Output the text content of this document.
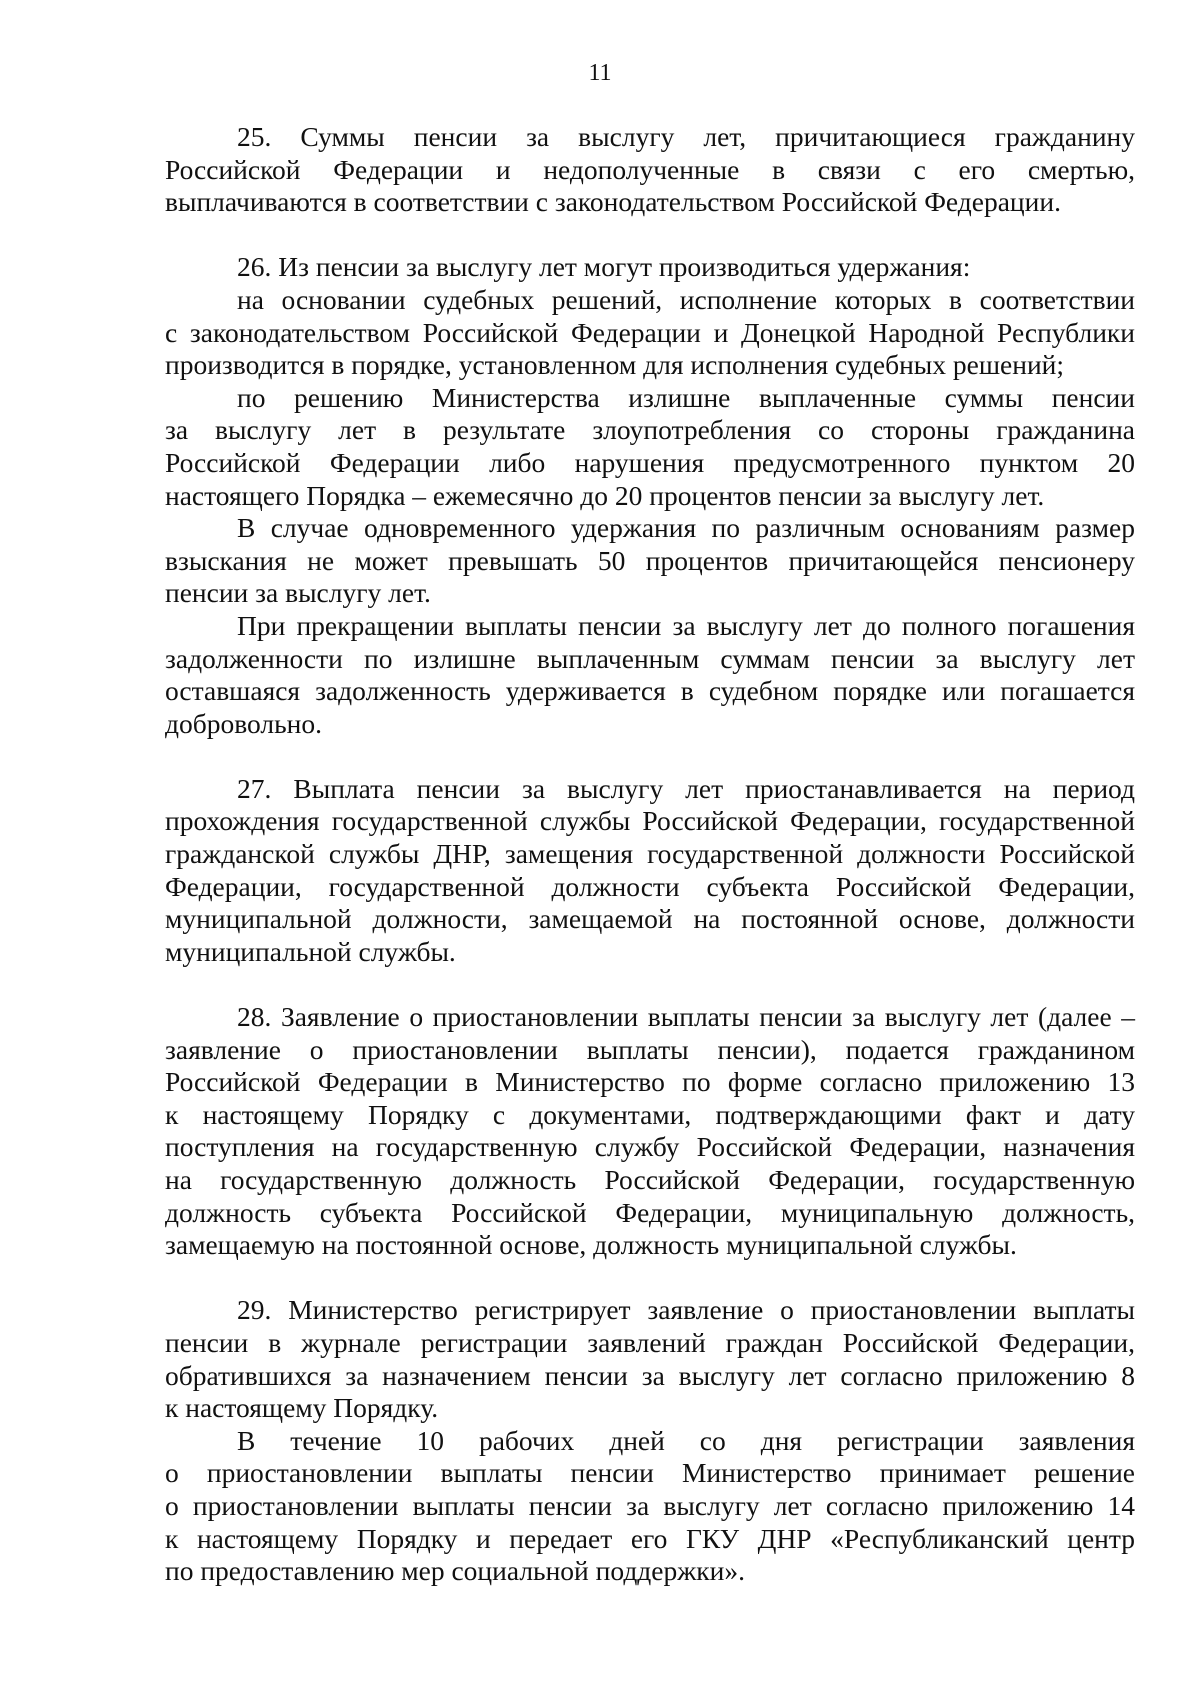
11
25. Суммы пенсии за выслугу лет, причитающиеся гражданину
Российской Федерации и недополученные в связи с его смертью,
выплачиваются в соответствии с законодательством Российской Федерации.
26. Из пенсии за выслугу лет могут производиться удержания:
на основании судебных решений, исполнение которых в соответствии
с законодательством Российской Федерации и Донецкой Народной Республики
производится в порядке, установленном для исполнения судебных решений;
по решению Министерства излишне выплаченные суммы пенсии
за выслугу лет в результате злоупотребления со стороны гражданина
Российской Федерации либо нарушения предусмотренного пунктом 20
настоящего Порядка – ежемесячно до 20 процентов пенсии за выслугу лет.
В случае одновременного удержания по различным основаниям размер
взыскания не может превышать 50 процентов причитающейся пенсионеру
пенсии за выслугу лет.
При прекращении выплаты пенсии за выслугу лет до полного погашения
задолженности по излишне выплаченным суммам пенсии за выслугу лет
оставшаяся задолженность удерживается в судебном порядке или погашается
добровольно.
27. Выплата пенсии за выслугу лет приостанавливается на период
прохождения государственной службы Российской Федерации, государственной
гражданской службы ДНР, замещения государственной должности Российской
Федерации, государственной должности субъекта Российской Федерации,
муниципальной должности, замещаемой на постоянной основе, должности
муниципальной службы.
28. Заявление о приостановлении выплаты пенсии за выслугу лет (далее –
заявление о приостановлении выплаты пенсии), подается гражданином
Российской Федерации в Министерство по форме согласно приложению 13
к настоящему Порядку с документами, подтверждающими факт и дату
поступления на государственную службу Российской Федерации, назначения
на государственную должность Российской Федерации, государственную
должность субъекта Российской Федерации, муниципальную должность,
замещаемую на постоянной основе, должность муниципальной службы.
29. Министерство регистрирует заявление о приостановлении выплаты
пенсии в журнале регистрации заявлений граждан Российской Федерации,
обратившихся за назначением пенсии за выслугу лет согласно приложению 8
к настоящему Порядку.
В течение 10 рабочих дней со дня регистрации заявления
о приостановлении выплаты пенсии Министерство принимает решение
о приостановлении выплаты пенсии за выслугу лет согласно приложению 14
к настоящему Порядку и передает его ГКУ ДНР «Республиканский центр
по предоставлению мер социальной поддержки».
